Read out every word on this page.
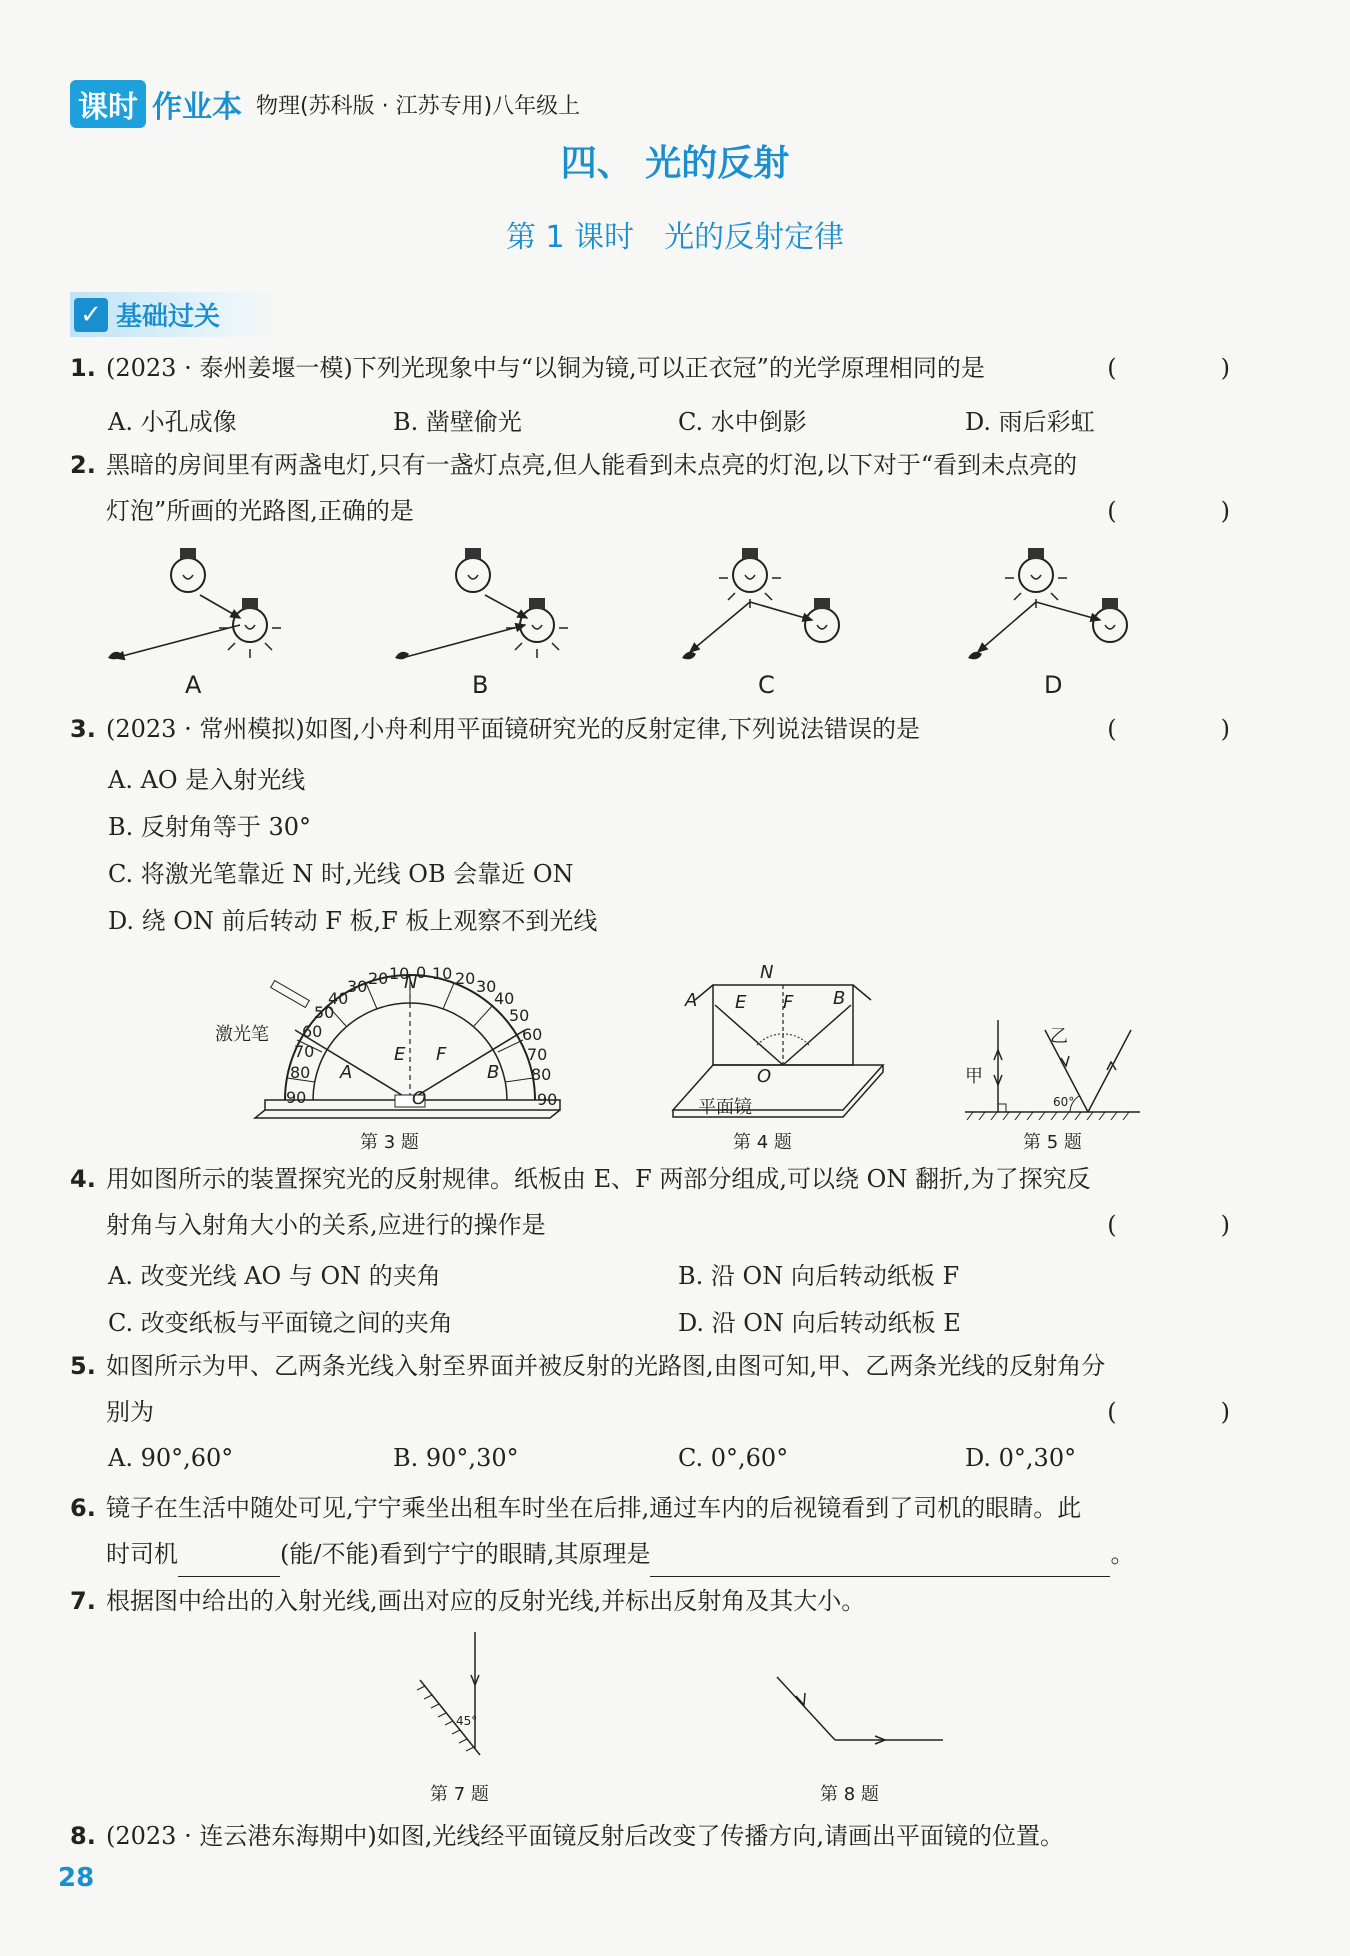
课时 作业本 物理(苏科版 · 江苏专用)八年级上
四、 光的反射
第 1 课时　光的反射定律
✓ 基础过关
1. (2023 · 泰州姜堰一模)下列光现象中与“以铜为镜,可以正衣冠”的光学原理相同的是	(　)
A. 小孔成像	B. 凿壁偷光	C. 水中倒影	D. 雨后彩虹
2. 黑暗的房间里有两盏电灯,只有一盏灯点亮,但人能看到未点亮的灯泡,以下对于“看到未点亮的
灯泡”所画的光路图,正确的是	(　)
A	B	C	D
3. (2023 · 常州模拟)如图,小舟利用平面镜研究光的反射定律,下列说法错误的是	(　)
A. AO 是入射光线
B. 反射角等于 30°
C. 将激光笔靠近 N 时,光线 OB 会靠近 ON
D. 绕 ON 前后转动 F 板,F 板上观察不到光线
激光笔
N
E F
A	B
O
90
80
70
60
50
40
30 20 10 0 10 20 30
40
50
60
70
80
90
第 3 题
N
E F
A	B
O
平面镜
第 4 题
甲
乙
60°
第 5 题
4. 用如图所示的装置探究光的反射规律。纸板由 E、F 两部分组成,可以绕 ON 翻折,为了探究反
射角与入射角大小的关系,应进行的操作是	(　)
A. 改变光线 AO 与 ON 的夹角	B. 沿 ON 向后转动纸板 F
C. 改变纸板与平面镜之间的夹角	D. 沿 ON 向后转动纸板 E
5. 如图所示为甲、乙两条光线入射至界面并被反射的光路图,由图可知,甲、乙两条光线的反射角分
别为	(　)
A. 90°,60°	B. 90°,30°	C. 0°,60°	D. 0°,30°
6. 镜子在生活中随处可见,宁宁乘坐出租车时坐在后排,通过车内的后视镜看到了司机的眼睛。此
时司机	(能/不能)看到宁宁的眼睛,其原理是	。
7. 根据图中给出的入射光线,画出对应的反射光线,并标出反射角及其大小。
45°
第 7 题	第 8 题
8. (2023 · 连云港东海期中)如图,光线经平面镜反射后改变了传播方向,请画出平面镜的位置。
28
